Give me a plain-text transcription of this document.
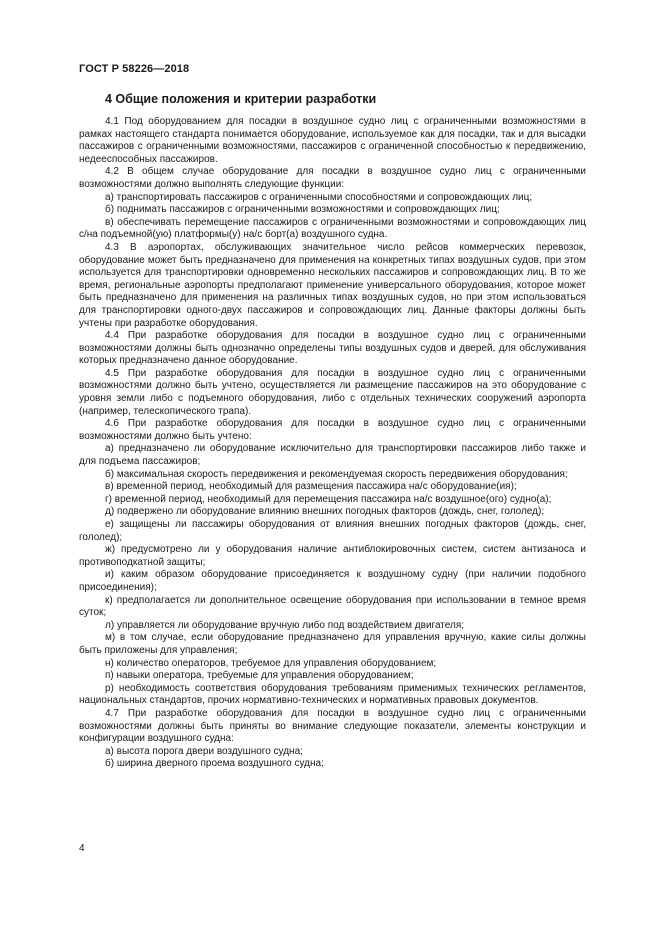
ГОСТ Р 58226—2018
4 Общие положения и критерии разработки

4.1 Под оборудованием для посадки в воздушное судно лиц с ограниченными возможностями в рамках настоящего стандарта понимается оборудование, используемое как для посадки, так и для высадки пассажиров с ограниченными возможностями, пассажиров с ограниченной способностью к передвижению, недееспособных пассажиров.

4.2 В общем случае оборудование для посадки в воздушное судно лиц с ограниченными возможностями должно выполнять следующие функции:

а) транспортировать пассажиров с ограниченными способностями и сопровождающих лиц;

б) поднимать пассажиров с ограниченными возможностями и сопровождающих лиц;

в) обеспечивать перемещение пассажиров с ограниченными возможностями и сопровождающих лиц с/на подъемной(ую) платформы(у) на/с борт(а) воздушного судна.

4.3 В аэропортах, обслуживающих значительное число рейсов коммерческих перевозок, оборудование может быть предназначено для применения на конкретных типах воздушных судов, при этом используется для транспортировки одновременно нескольких пассажиров и сопровождающих лиц. В то же время, региональные аэропорты предполагают применение универсального оборудования, которое может быть предназначено для применения на различных типах воздушных судов, но при этом использоваться для транспортировки одного-двух пассажиров и сопровождающих лиц. Данные факторы должны быть учтены при разработке оборудования.

4.4 При разработке оборудования для посадки в воздушное судно лиц с ограниченными возможностями должны быть однозначно определены типы воздушных судов и дверей, для обслуживания которых предназначено данное оборудование.

4.5 При разработке оборудования для посадки в воздушное судно лиц с ограниченными возможностями должно быть учтено, осуществляется ли размещение пассажиров на это оборудование с уровня земли либо с подъемного оборудования, либо с отдельных технических сооружений аэропорта (например, телескопического трапа).

4.6 При разработке оборудования для посадки в воздушное судно лиц с ограниченными возможностями должно быть учтено:

а) предназначено ли оборудование исключительно для транспортировки пассажиров либо также и для подъема пассажиров;

б) максимальная скорость передвижения и рекомендуемая скорость передвижения оборудования;

в) временной период, необходимый для размещения пассажира на/с оборудование(ия);

г) временной период, необходимый для перемещения пассажира на/с воздушное(ого) судно(а);

д) подвержено ли оборудование влиянию внешних погодных факторов (дождь, снег, гололед);

е) защищены ли пассажиры оборудования от влияния внешних погодных факторов (дождь, снег, гололед);

ж) предусмотрено ли у оборудования наличие антиблокировочных систем, систем антизаноса и противоподкатной защиты;

и) каким образом оборудование присоединяется к воздушному судну (при наличии подобного присоединения);

к) предполагается ли дополнительное освещение оборудования при использовании в темное время суток;

л) управляется ли оборудование вручную либо под воздействием двигателя;

м) в том случае, если оборудование предназначено для управления вручную, какие силы должны быть приложены для управления;

н) количество операторов, требуемое для управления оборудованием;

п) навыки оператора, требуемые для управления оборудованием;

р) необходимость соответствия оборудования требованиям применимых технических регламентов, национальных стандартов, прочих нормативно-технических и нормативных правовых документов.

4.7 При разработке оборудования для посадки в воздушное судно лиц с ограниченными возможностями должны быть приняты во внимание следующие показатели, элементы конструкции и конфигурации воздушного судна:

а) высота порога двери воздушного судна;

б) ширина дверного проема воздушного судна;

4
